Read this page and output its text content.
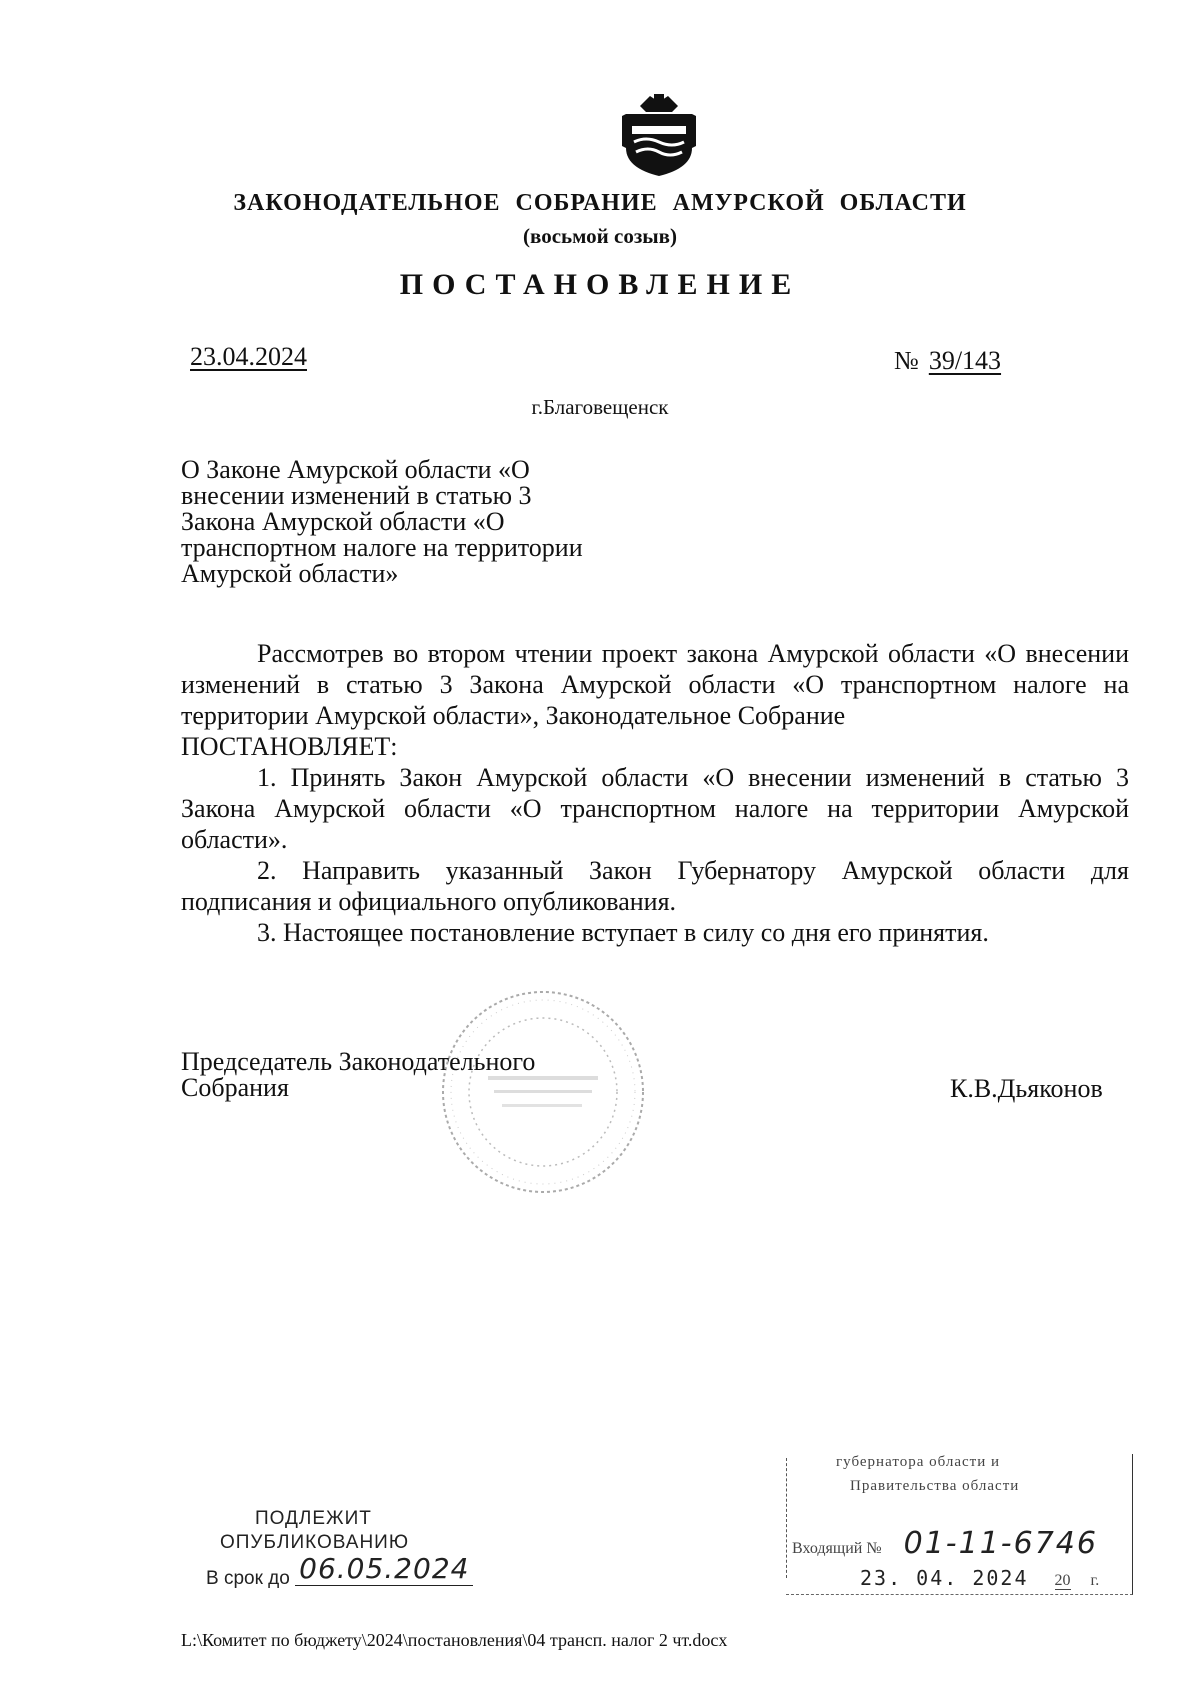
ЗАКОНОДАТЕЛЬНОЕ СОБРАНИЕ АМУРСКОЙ ОБЛАСТИ
(восьмой созыв)
ПОСТАНОВЛЕНИЕ
23.04.2024	№ 39/143
г.Благовещенск
О Законе Амурской области «О
внесении изменений в статью 3
Закона Амурской области «О
транспортном налоге на территории
Амурской области»

Рассмотрев во втором чтении проект закона Амурской области «О внесении изменений в статью 3 Закона Амурской области «О транспортном налоге на территории Амурской области», Законодательное Собрание

ПОСТАНОВЛЯЕТ:

1. Принять Закон Амурской области «О внесении изменений в статью 3 Закона Амурской области «О транспортном налоге на территории Амурской области».

2. Направить указанный Закон Губернатору Амурской области для подписания и официального опубликования.

3. Настоящее постановление вступает в силу со дня его принятия.

Председатель Законодательного
Собрания	К.В.Дьяконов
ПОДЛЕЖИТ
ОПУБЛИКОВАНИЮ
В срок до 06.05.2024
губернатора области и
Правительства области
Входящий № 01-11-6746
23. 04. 2024 20 г.
L:\Комитет по бюджету\2024\постановления\04 трансп. налог 2 чт.docx
